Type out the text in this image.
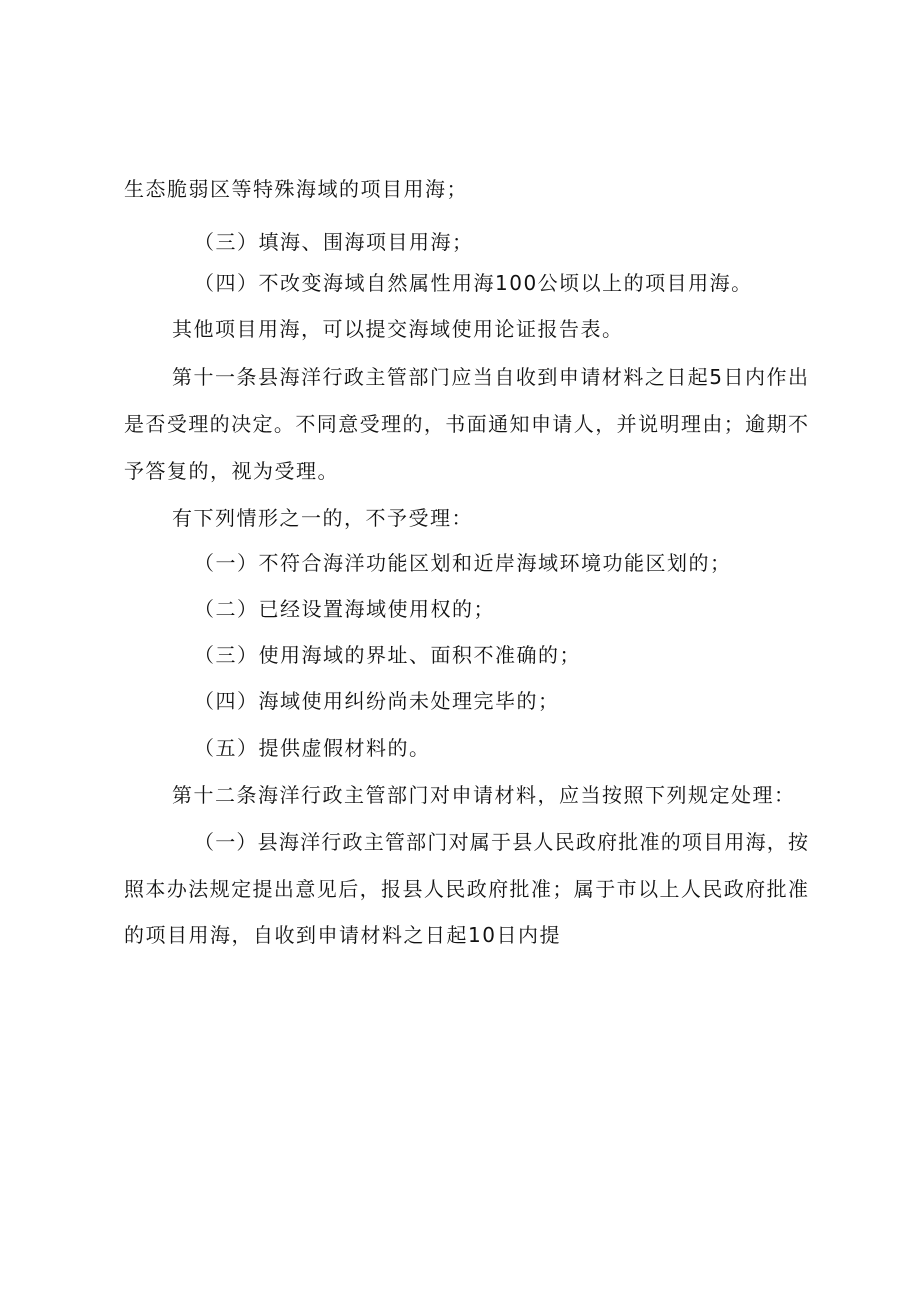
生态脆弱区等特殊海域的项目用海；
（三）填海、围海项目用海；
（四）不改变海域自然属性用海100公顷以上的项目用海。
其他项目用海，可以提交海域使用论证报告表。
第十一条县海洋行政主管部门应当自收到申请材料之日起5日内作出
是否受理的决定。不同意受理的，书面通知申请人，并说明理由；逾期不
予答复的，视为受理。
有下列情形之一的，不予受理：
（一）不符合海洋功能区划和近岸海域环境功能区划的；
（二）已经设置海域使用权的；
（三）使用海域的界址、面积不准确的；
（四）海域使用纠纷尚未处理完毕的；
（五）提供虚假材料的。
第十二条海洋行政主管部门对申请材料，应当按照下列规定处理：
（一）县海洋行政主管部门对属于县人民政府批准的项目用海，按
照本办法规定提出意见后，报县人民政府批准；属于市以上人民政府批准
的项目用海，自收到申请材料之日起10日内提
